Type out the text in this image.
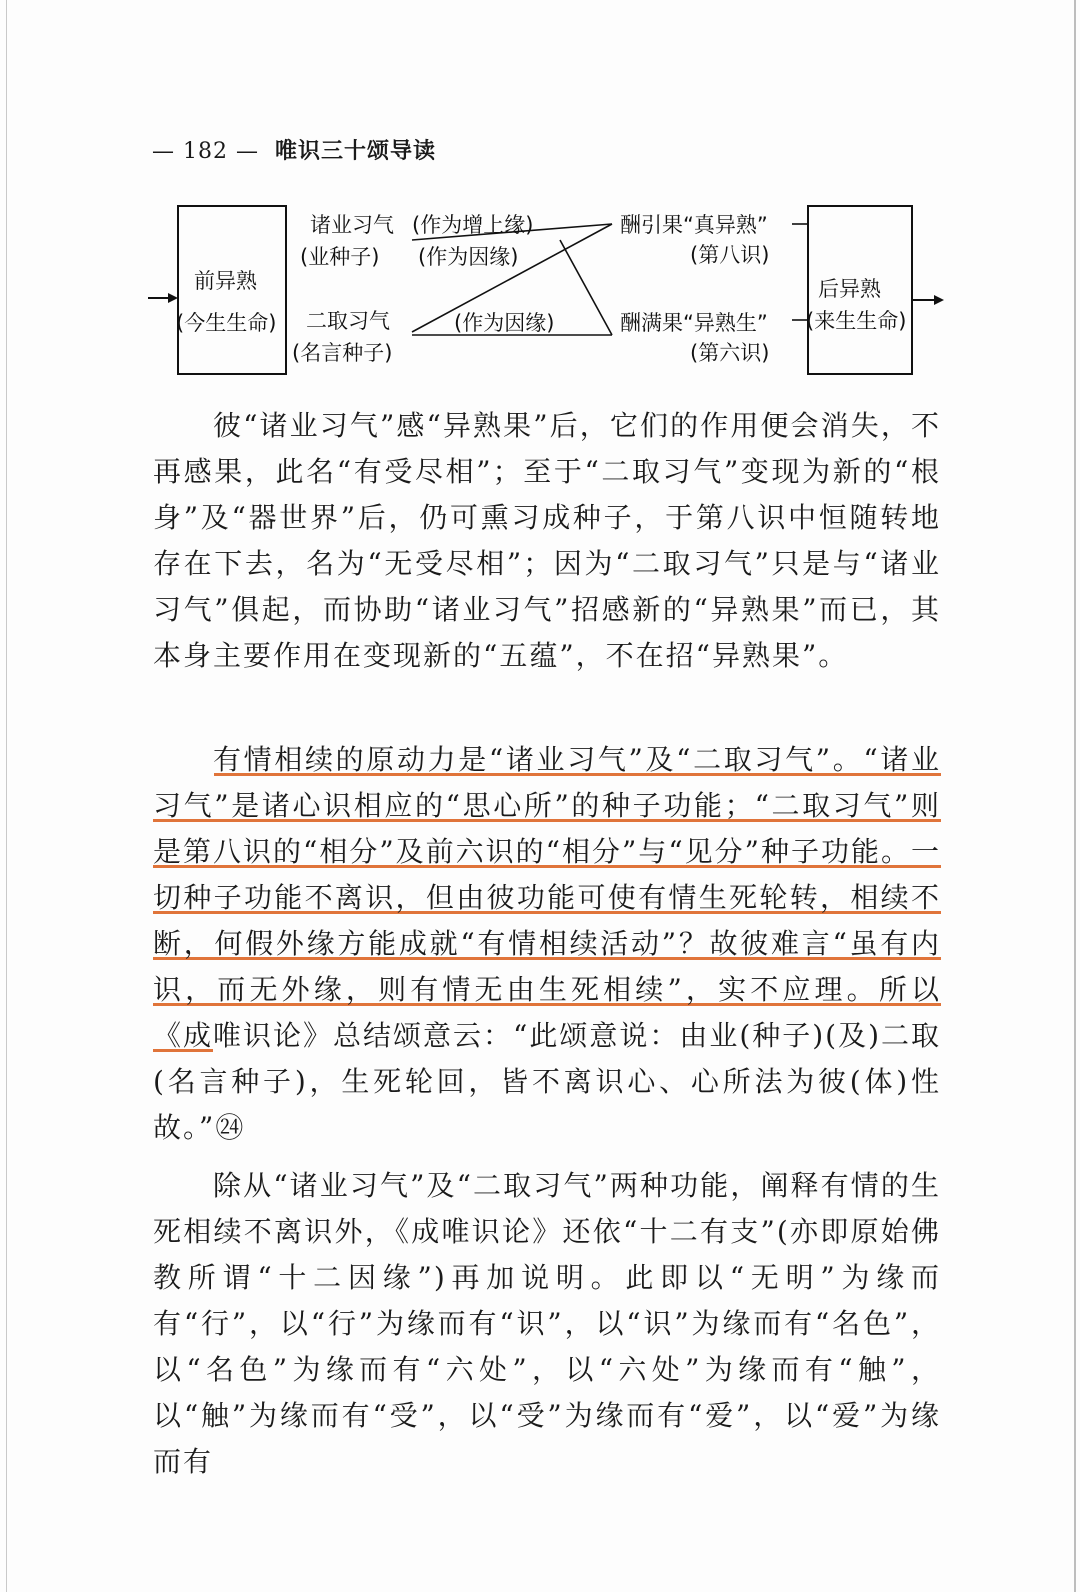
— 182 — 唯识三十颂导读
前异熟
(今生生命)
后异熟
(来生生命)
诸业习气
(业种子)
二取习气
(名言种子)
(作为增上缘)
(作为因缘)
(作为因缘)
酬引果“真异熟”
(第八识)
酬满果“异熟生”
(第六识)

彼“诸业习气”感“异熟果”后，它们的作用便会消失，不再感果，此名“有受尽相”；至于“二取习气”变现为新的“根身”及“器世界”后，仍可熏习成种子，于第八识中恒随转地存在下去，名为“无受尽相”；因为“二取习气”只是与“诸业习气”俱起，而协助“诸业习气”招感新的“异熟果”而已，其本身主要作用在变现新的“五蕴”，不在招“异熟果”。

有情相续的原动力是“诸业习气”及“二取习气”。“诸业习气”是诸心识相应的“思心所”的种子功能；“二取习气”则是第八识的“相分”及前六识的“相分”与“见分”种子功能。一切种子功能不离识，但由彼功能可使有情生死轮转，相续不断，何假外缘方能成就“有情相续活动”？故彼难言“虽有内识，而无外缘，则有情无由生死相续”，实不应理。所以《成唯识论》总结颂意云：“此颂意说：由业(种子)(及)二取(名言种子)，生死轮回，皆不离识心、心所法为彼(体)性故。”㉔

除从“诸业习气”及“二取习气”两种功能，阐释有情的生死相续不离识外，《成唯识论》还依“十二有支”(亦即原始佛教所谓“十二因缘”)再加说明。此即以“无明”为缘而有“行”，以“行”为缘而有“识”，以“识”为缘而有“名色”，以“名色”为缘而有“六处”，以“六处”为缘而有“触”，以“触”为缘而有“受”，以“受”为缘而有“爱”，以“爱”为缘而有
